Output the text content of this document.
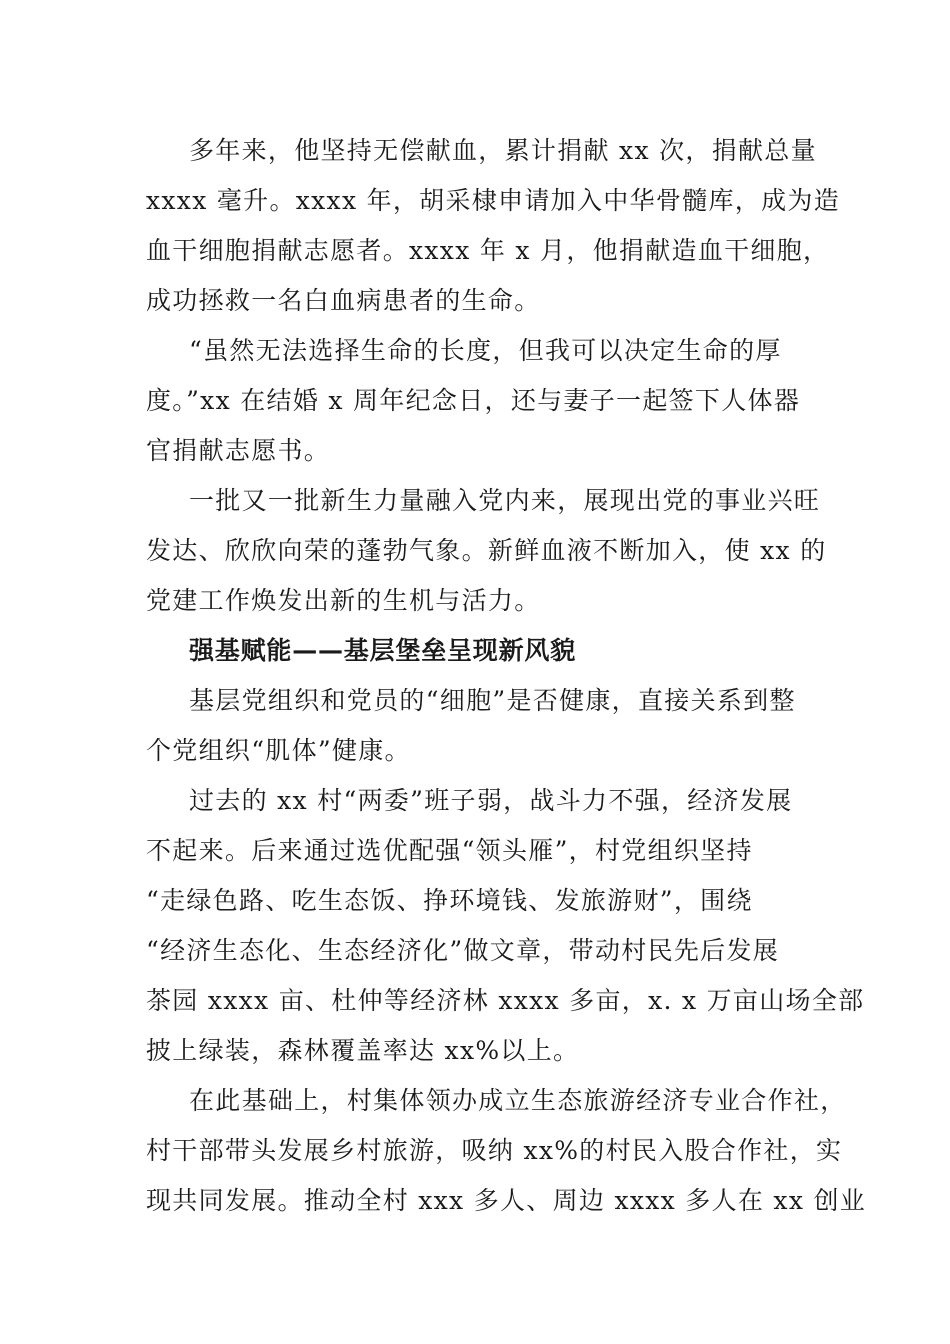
多年来，他坚持无偿献血，累计捐献 xx 次，捐献总量
xxxx 毫升。xxxx 年，胡采棣申请加入中华骨髓库，成为造
血干细胞捐献志愿者。xxxx 年 x 月，他捐献造血干细胞，
成功拯救一名白血病患者的生命。
“虽然无法选择生命的长度，但我可以决定生命的厚
度。”xx 在结婚 x 周年纪念日，还与妻子一起签下人体器
官捐献志愿书。
一批又一批新生力量融入党内来，展现出党的事业兴旺
发达、欣欣向荣的蓬勃气象。新鲜血液不断加入，使 xx 的
党建工作焕发出新的生机与活力。
强基赋能——基层堡垒呈现新风貌
基层党组织和党员的“细胞”是否健康，直接关系到整
个党组织“肌体”健康。
过去的 xx 村“两委”班子弱，战斗力不强，经济发展
不起来。后来通过选优配强“领头雁”，村党组织坚持
“走绿色路、吃生态饭、挣环境钱、发旅游财”，围绕
“经济生态化、生态经济化”做文章，带动村民先后发展
茶园 xxxx 亩、杜仲等经济林 xxxx 多亩，x. x 万亩山场全部
披上绿装，森林覆盖率达 xx%以上。
在此基础上，村集体领办成立生态旅游经济专业合作社，
村干部带头发展乡村旅游，吸纳 xx%的村民入股合作社，实
现共同发展。推动全村 xxx 多人、周边 xxxx 多人在 xx 创业
